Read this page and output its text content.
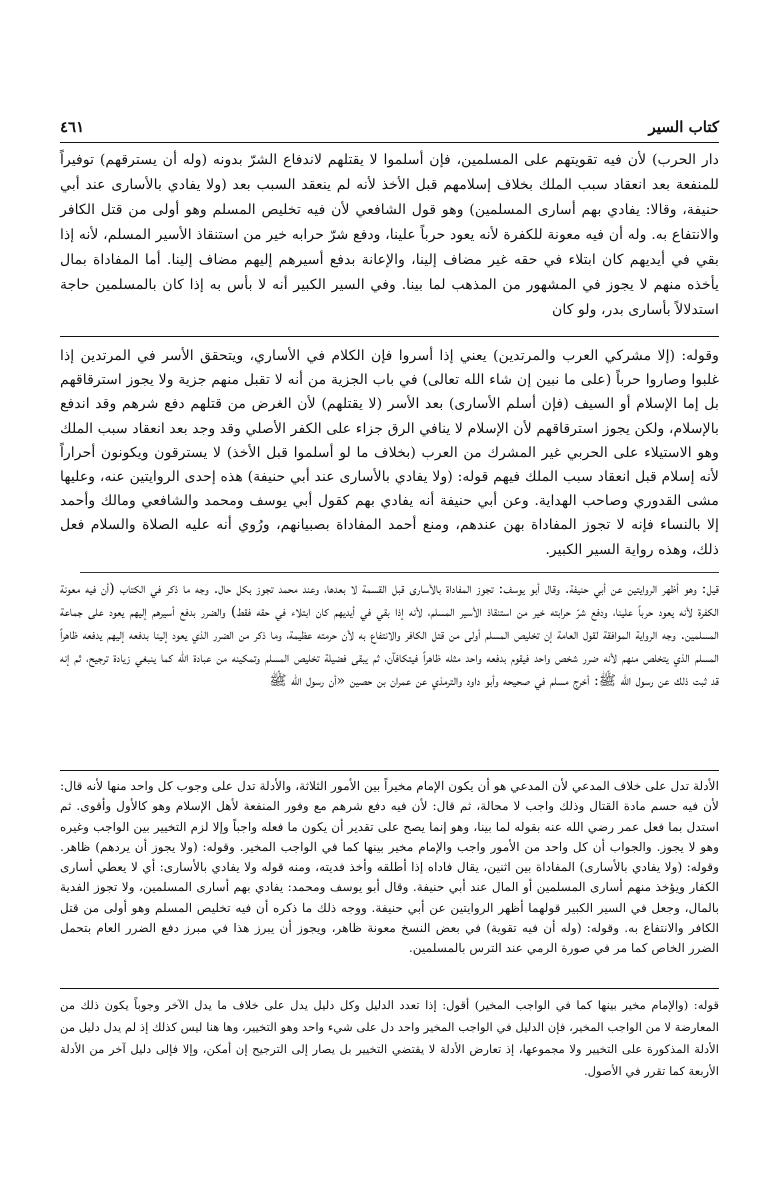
٤٦١	كتاب السير

دار الحرب) لأن فيه تقويتهم على المسلمين، فإن أسلموا لا يقتلهم لاندفاع الشرّ بدونه (وله أن يسترقهم) توفيراً للمنفعة بعد انعقاد سبب الملك بخلاف إسلامهم قبل الأخذ لأنه لم ينعقد السبب بعد (ولا يفادي بالأسارى عند أبي حنيفة، وقالا: يفادي بهم أسارى المسلمين) وهو قول الشافعي لأن فيه تخليص المسلم وهو أولى من قتل الكافر والانتفاع به. وله أن فيه معونة للكفرة لأنه يعود حرباً علينا، ودفع شرّ حرابه خير من استنقاذ الأسير المسلم، لأنه إذا بقي في أيديهم كان ابتلاء في حقه غير مضاف إلينا، والإعانة بدفع أسيرهم إليهم مضاف إلينا. أما المفاداة بمال يأخذه منهم لا يجوز في المشهور من المذهب لما بينا. وفي السير الكبير أنه لا بأس به إذا كان بالمسلمين حاجة استدلالاً بأسارى بدر، ولو كان

وقوله: (إلا مشركي العرب والمرتدين) يعني إذا أسروا فإن الكلام في الأساري، ويتحقق الأسر في المرتدين إذا غلبوا وصاروا حرباً (على ما نبين إن شاء الله تعالى) في باب الجزية من أنه لا تقبل منهم جزية ولا يجوز استرقاقهم بل إما الإسلام أو السيف (فإن أسلم الأسارى) بعد الأسر (لا يقتلهم) لأن الغرض من قتلهم دفع شرهم وقد اندفع بالإسلام، ولكن يجوز استرقاقهم لأن الإسلام لا ينافي الرق جزاء على الكفر الأصلي وقد وجد بعد انعقاد سبب الملك وهو الاستيلاء على الحربي غير المشرك من العرب (بخلاف ما لو أسلموا قبل الأخذ) لا يسترقون ويكونون أحراراً لأنه إسلام قبل انعقاد سبب الملك فيهم قوله: (ولا يفادي بالأسارى عند أبي حنيفة) هذه إحدى الروايتين عنه، وعليها مشى القدوري وصاحب الهداية. وعن أبي حنيفة أنه يفادي بهم كقول أبي يوسف ومحمد والشافعي ومالك وأحمد إلا بالنساء فإنه لا تجوز المفاداة بهن عندهم، ومنع أحمد المفاداة بصبيانهم، ورُوي أنه عليه الصلاة والسلام فعل ذلك، وهذه رواية السير الكبير.

قيل: وهو أظهر الروايتين عن أبي حنيفة. وقال أبو يوسف: تجوز المفاداة بالأسارى قبل القسمة لا بعدها، وعند محمد تجوز بكل حال. وجه ما ذكر في الكتاب (أن فيه معونة الكفرة لأنه يعود حرباً علينا، ودفع شرّ حرابته خير من استنقاذ الأسير المسلم، لأنه إذا بقي في أيديهم كان ابتلاء في حقه فقط) والضرر بدفع أسيرهم إليهم يعود على جماعة المسلمين. وجه الرواية الموافقة لقول العامة إن تخليص المسلم أولى من قتل الكافر والانتفاع به لأن حرمته عظيمة، وما ذكر من الضرر الذي يعود إلينا بدفعه إليهم يدفعه ظاهراً المسلم الذي يتخلص منهم لأنه ضرر شخص واحد فيقوم بدفعه واحد مثله ظاهراً فيتكافآن، ثم يبقى فضيلة تخليص المسلم وتمكينه من عبادة الله كما ينبغي زيادة ترجيح، ثم إنه قد ثبت ذلك عن رسول الله ﷺ: أخرج مسلم في صحيحه وأبو داود والترمذي عن عمران بن حصين «أن رسول الله ﷺ

الأدلة تدل على خلاف المدعي لأن المدعي هو أن يكون الإمام مخيراً بين الأمور الثلاثة، والأدلة تدل على وجوب كل واحد منها لأنه قال: لأن فيه حسم مادة القتال وذلك واجب لا محالة، ثم قال: لأن فيه دفع شرهم مع وفور المنفعة لأهل الإسلام وهو كالأول وأقوى. ثم استدل بما فعل عمر رضي الله عنه بقوله لما بينا، وهو إنما يصح على تقدير أن يكون ما فعله واجباً وإلا لزم التخيير بين الواجب وغيره وهو لا يجوز. والجواب أن كل واحد من الأمور واجب والإمام مخير بينها كما في الواجب المخير. وقوله: (ولا يجوز أن يردهم) ظاهر. وقوله: (ولا يفادي بالأسارى) المفاداة بين اثنين، يقال فاداه إذا أطلقه وأخذ فديته، ومنه قوله ولا يفادي بالأسارى: أي لا يعطي أسارى الكفار ويؤخذ منهم أسارى المسلمين أو المال عند أبي حنيفة. وقال أبو يوسف ومحمد: يفادي بهم أسارى المسلمين، ولا تجوز الفدية بالمال، وجعل في السير الكبير قولهما أظهر الروايتين عن أبي حنيفة. ووجه ذلك ما ذكره أن فيه تخليص المسلم وهو أولى من قتل الكافر والانتفاع به. وقوله: (وله أن فيه تقوية) في بعض النسخ معونة ظاهر، ويجوز أن يبرز هذا في مبرز دفع الضرر العام بتحمل الضرر الخاص كما مر في صورة الرمي عند الترس بالمسلمين.

قوله: (والإمام مخير بينها كما في الواجب المخير) أقول: إذا تعدد الدليل وكل دليل يدل على خلاف ما يدل الآخر وجوباً يكون ذلك من المعارضة لا من الواجب المخير، فإن الدليل في الواجب المخير واحد دل على شيء واحد وهو التخيير، وها هنا ليس كذلك إذ لم يدل دليل من الأدلة المذكورة على التخيير ولا مجموعها، إذ تعارض الأدلة لا يقتضي التخيير بل يصار إلى الترجيح إن أمكن، وإلا فإلى دليل آخر من الأدلة الأربعة كما تقرر في الأصول.
